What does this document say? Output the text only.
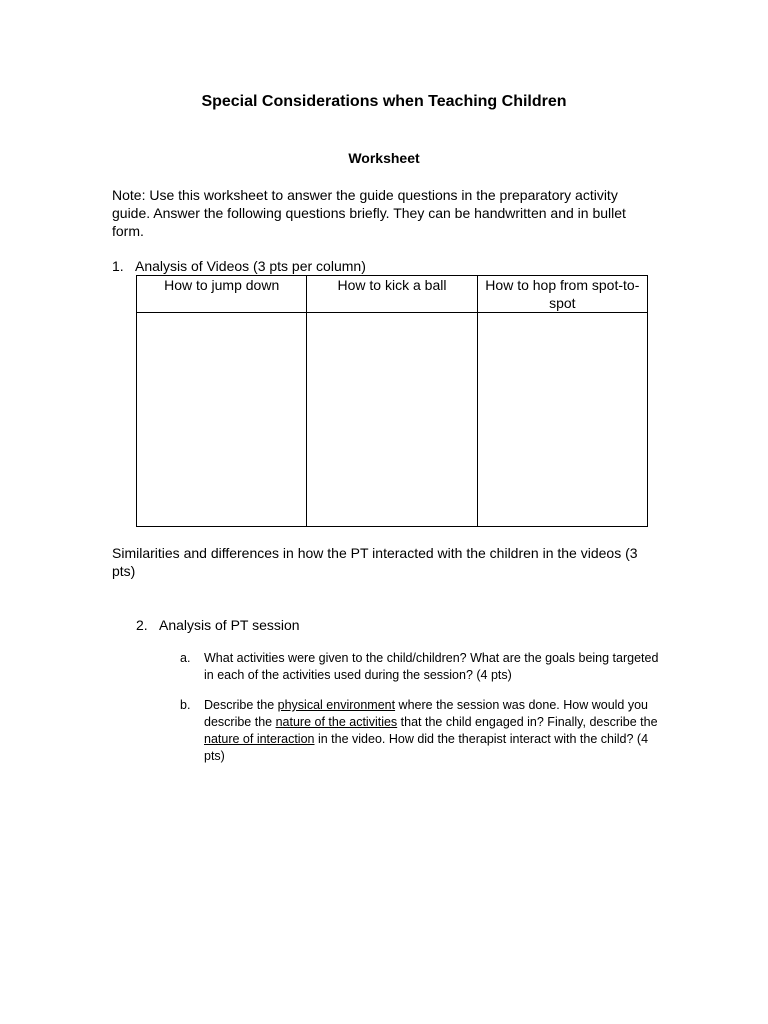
Special Considerations when Teaching Children
Worksheet

Note: Use this worksheet to answer the guide questions in the preparatory activity guide. Answer the following questions briefly. They can be handwritten and in bullet form.

1. Analysis of Videos (3 pts per column)
How to jump down	How to kick a ball	How to hop from spot-to-spot

Similarities and differences in how the PT interacted with the children in the videos (3 pts)
2. Analysis of PT session
a. What activities were given to the child/children? What are the goals being targeted in each of the activities used during the session? (4 pts)
b. Describe the physical environment where the session was done. How would you describe the nature of the activities that the child engaged in? Finally, describe the nature of interaction in the video. How did the therapist interact with the child? (4 pts)
